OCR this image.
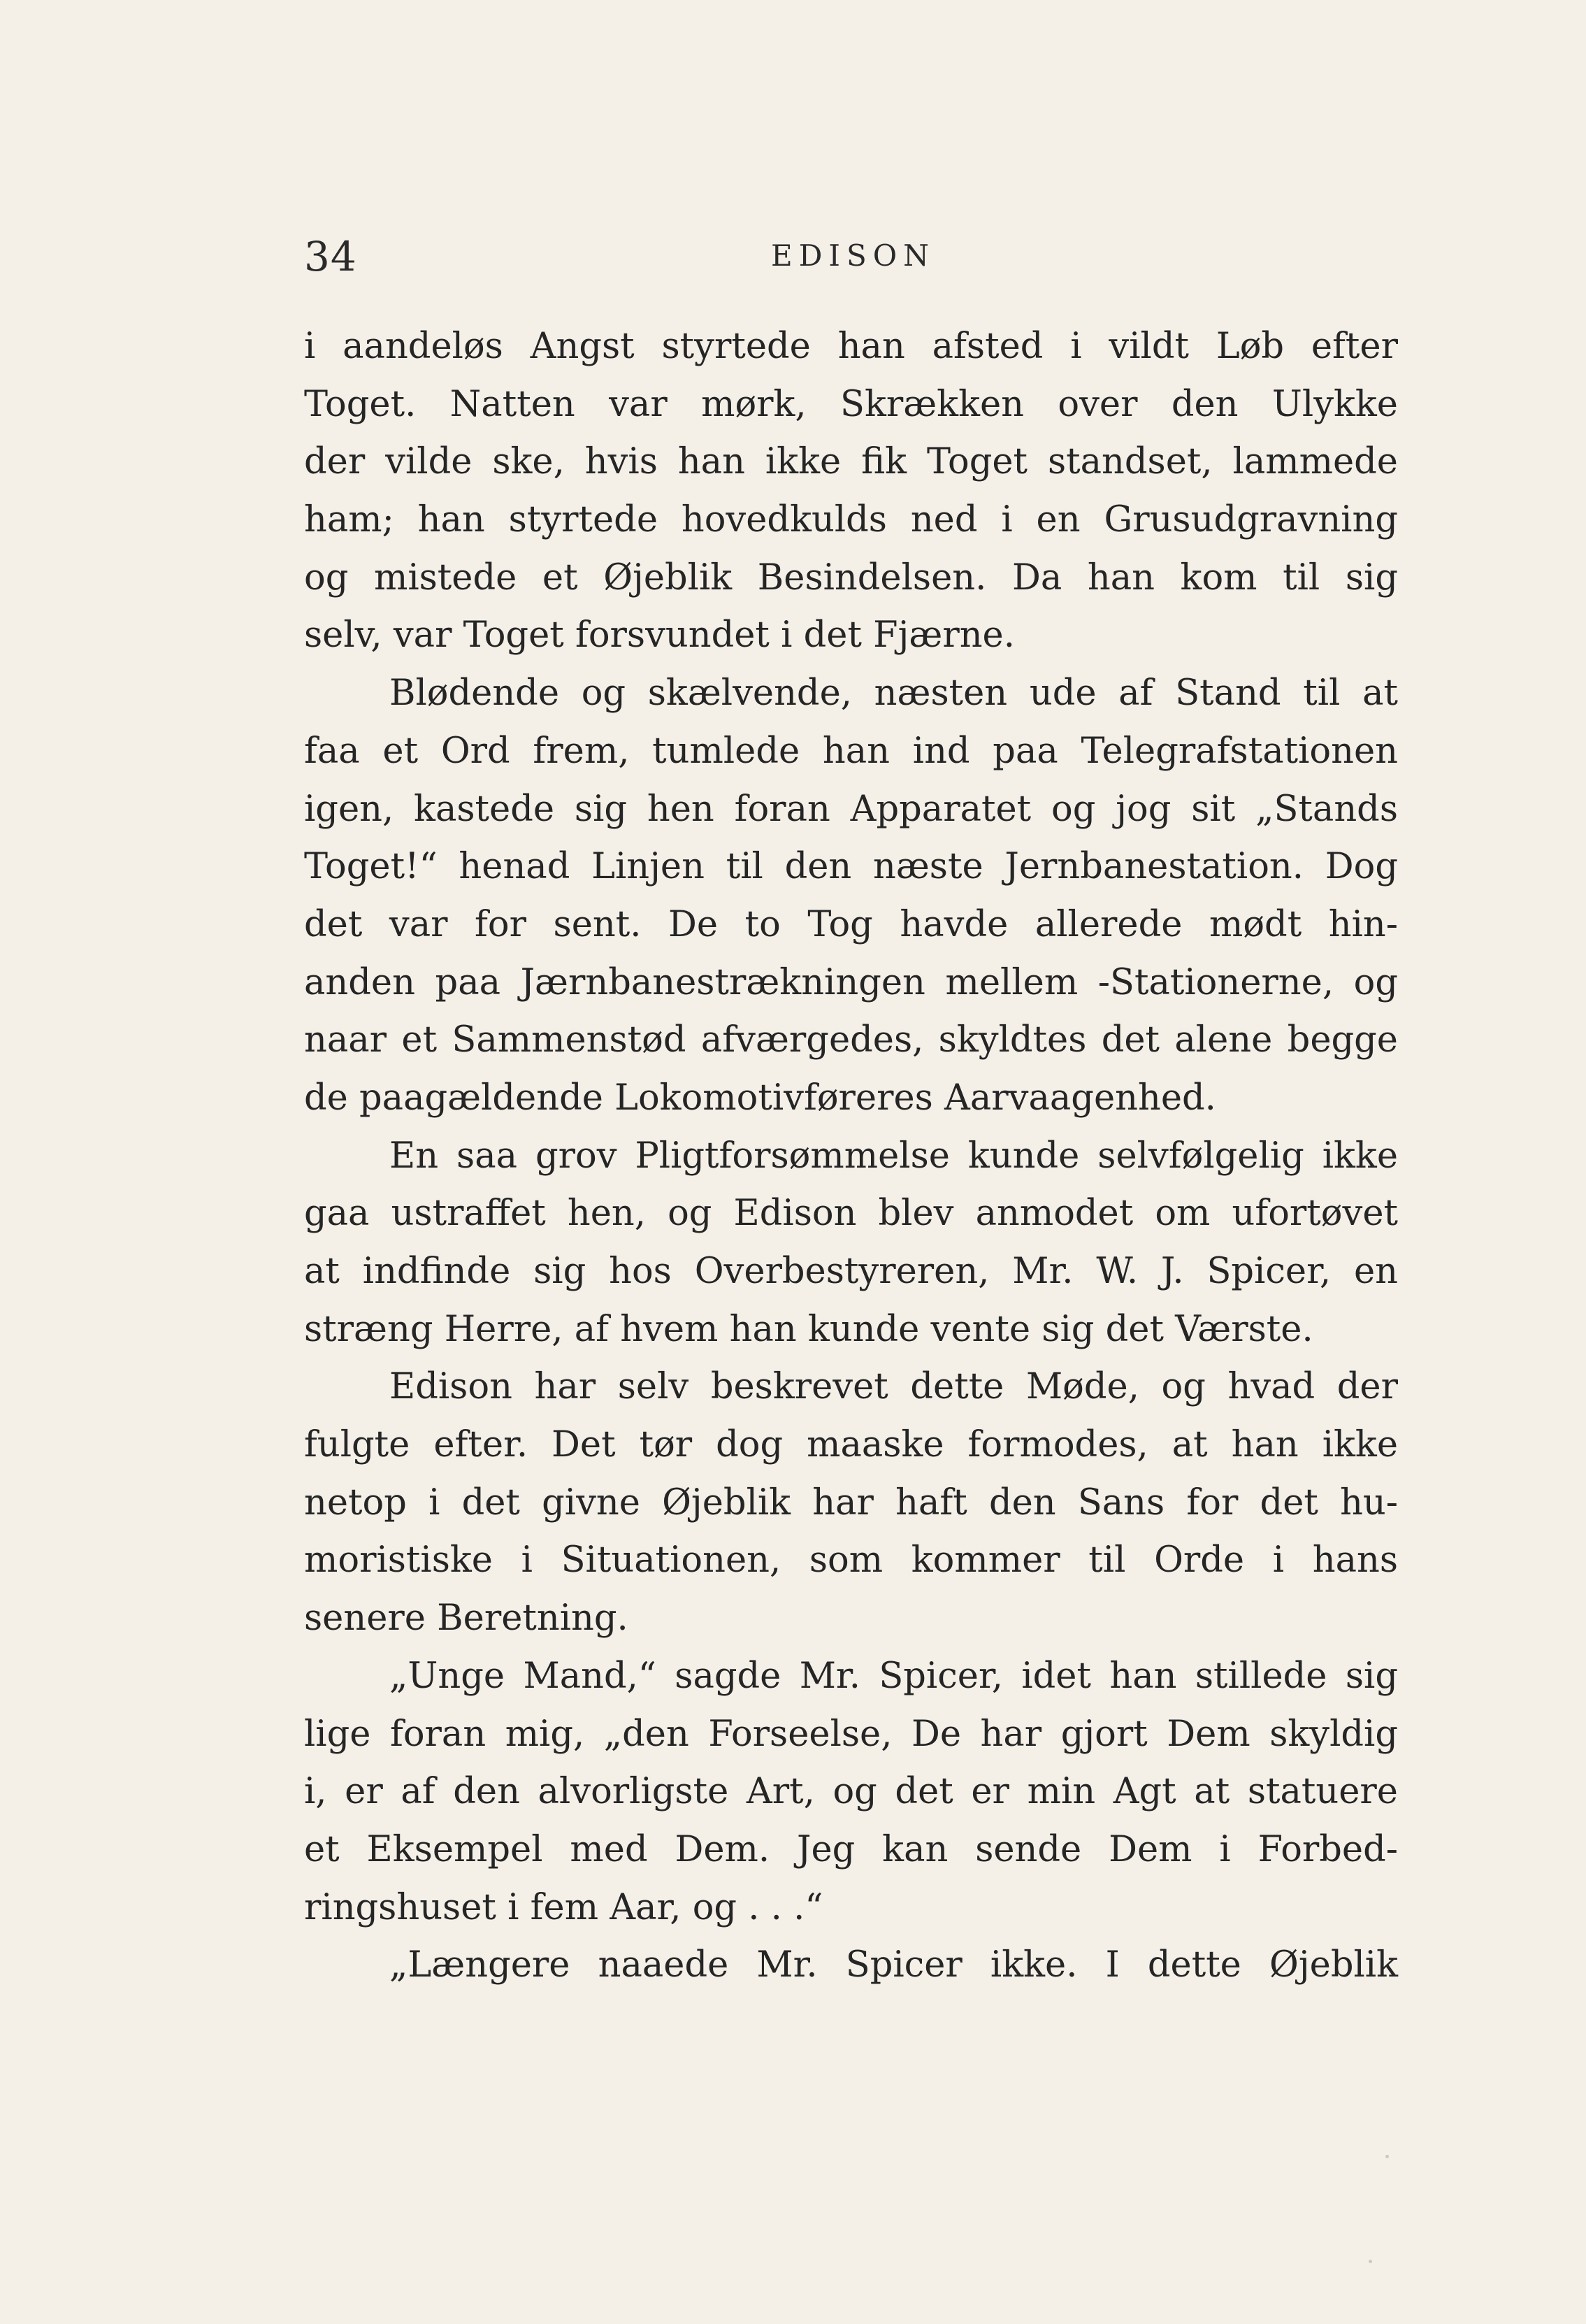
34	EDISON
i aandeløs Angst styrtede han afsted i vildt Løb efter
Toget. Natten var mørk, Skrækken over den Ulykke
der vilde ske, hvis han ikke fik Toget standset, lammede
ham; han styrtede hovedkulds ned i en Grusudgravning
og mistede et Øjeblik Besindelsen. Da han kom til sig
selv, var Toget forsvundet i det Fjærne.
Blødende og skælvende, næsten ude af Stand til at
faa et Ord frem, tumlede han ind paa Telegrafstationen
igen, kastede sig hen foran Apparatet og jog sit „Stands
Toget!“ henad Linjen til den næste Jernbanestation. Dog
det var for sent. De to Tog havde allerede mødt hin-
anden paa Jærnbanestrækningen mellem -Stationerne, og
naar et Sammenstød afværgedes, skyldtes det alene begge
de paagældende Lokomotivføreres Aarvaagenhed.
En saa grov Pligtforsømmelse kunde selvfølgelig ikke
gaa ustraffet hen, og Edison blev anmodet om ufortøvet
at indfinde sig hos Overbestyreren, Mr. W. J. Spicer, en
stræng Herre, af hvem han kunde vente sig det Værste.
Edison har selv beskrevet dette Møde, og hvad der
fulgte efter. Det tør dog maaske formodes, at han ikke
netop i det givne Øjeblik har haft den Sans for det hu-
moristiske i Situationen, som kommer til Orde i hans
senere Beretning.
„Unge Mand,“ sagde Mr. Spicer, idet han stillede sig
lige foran mig, „den Forseelse, De har gjort Dem skyldig
i, er af den alvorligste Art, og det er min Agt at statuere
et Eksempel med Dem. Jeg kan sende Dem i Forbed-
ringshuset i fem Aar, og . . .“
„Længere naaede Mr. Spicer ikke. I dette Øjeblik
